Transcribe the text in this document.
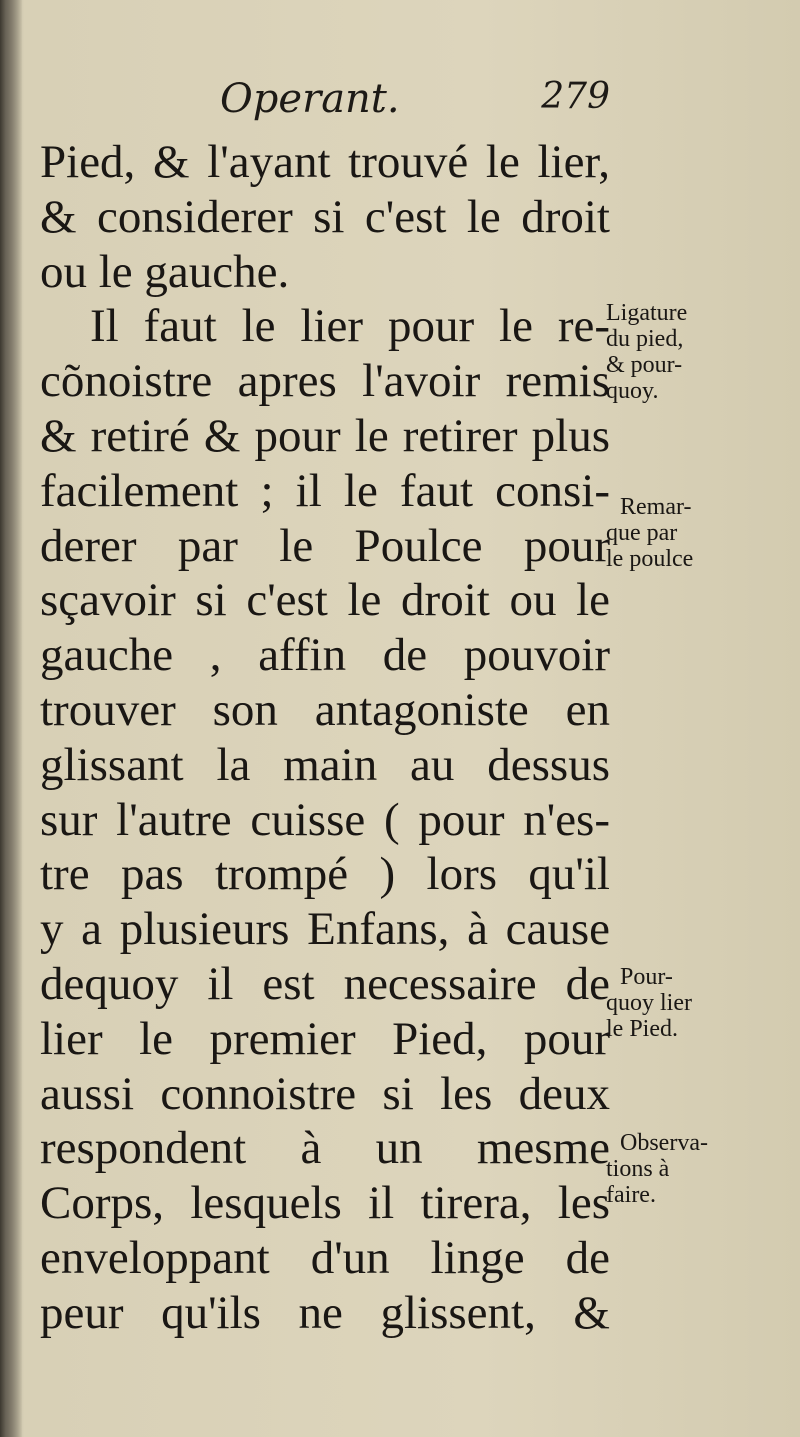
Operant.	279
Pied, & l'ayant trouvé le lier,
& considerer si c'est le droit
ou le gauche.
Il faut le lier pour le re-
cõnoistre apres l'avoir remis
& retiré & pour le retirer plus
facilement ; il le faut consi-
derer par le Poulce pour
sçavoir si c'est le droit ou le
gauche , affin de pouvoir
trouver son antagoniste en
glissant la main au dessus
sur l'autre cuisse ( pour n'es-
tre pas trompé ) lors qu'il
y a plusieurs Enfans, à cause
dequoy il est necessaire de
lier le premier Pied, pour
aussi connoistre si les deux
respondent à un mesme
Corps, lesquels il tirera, les
enveloppant d'un linge de
peur qu'ils ne glissent, &
Ligature
du pied,
& pour-
quoy.
Remar-
que par
le poulce
Pour-
quoy lier
le Pied.
Observa-
tions à
faire.
